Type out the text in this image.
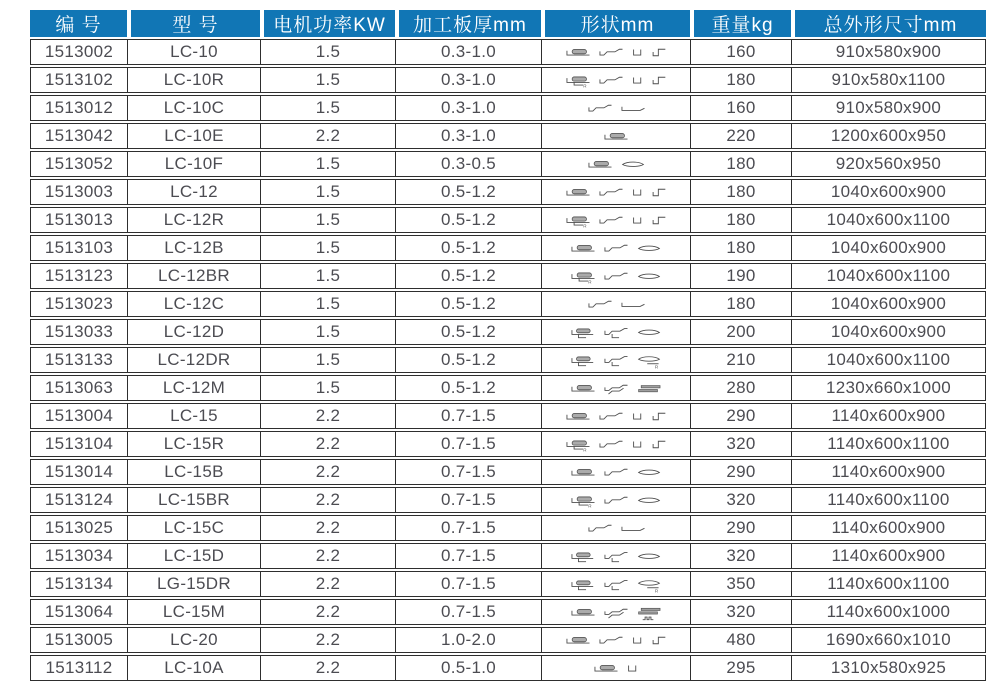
编 号	型 号	电机功率KW	加工板厚mm	形状mm	重量kg	总外形尺寸mm
1513002	LC-10	1.5	0.3-1.0		160	910x580x900
1513102	LC-10R	1.5	0.3-1.0	R	180	910x580x1100
1513012	LC-10C	1.5	0.3-1.0		160	910x580x900
1513042	LC-10E	2.2	0.3-1.0		220	1200x600x950
1513052	LC-10F	1.5	0.3-0.5		180	920x560x950
1513003	LC-12	1.5	0.5-1.2		180	1040x600x900
1513013	LC-12R	1.5	0.5-1.2	R	180	1040x600x1100
1513103	LC-12B	1.5	0.5-1.2		180	1040x600x900
1513123	LC-12BR	1.5	0.5-1.2	R	190	1040x600x1100
1513023	LC-12C	1.5	0.5-1.2		180	1040x600x900
1513033	LC-12D	1.5	0.5-1.2		200	1040x600x900
1513133	LC-12DR	1.5	0.5-1.2	R	210	1040x600x1100
1513063	LC-12M	1.5	0.5-1.2		280	1230x660x1000
1513004	LC-15	2.2	0.7-1.5		290	1140x600x900
1513104	LC-15R	2.2	0.7-1.5	R	320	1140x600x1100
1513014	LC-15B	2.2	0.7-1.5		290	1140x600x900
1513124	LC-15BR	2.2	0.7-1.5	R	320	1140x600x1100
1513025	LC-15C	2.2	0.7-1.5		290	1140x600x900
1513034	LC-15D	2.2	0.7-1.5		320	1140x600x900
1513134	LG-15DR	2.2	0.7-1.5	R	350	1140x600x1100
1513064	LC-15M	2.2	0.7-1.5		320	1140x600x1000
1513005	LC-20	2.2	1.0-2.0		480	1690x660x1010
1513112	LC-10A	2.2	0.5-1.0		295	1310x580x925
